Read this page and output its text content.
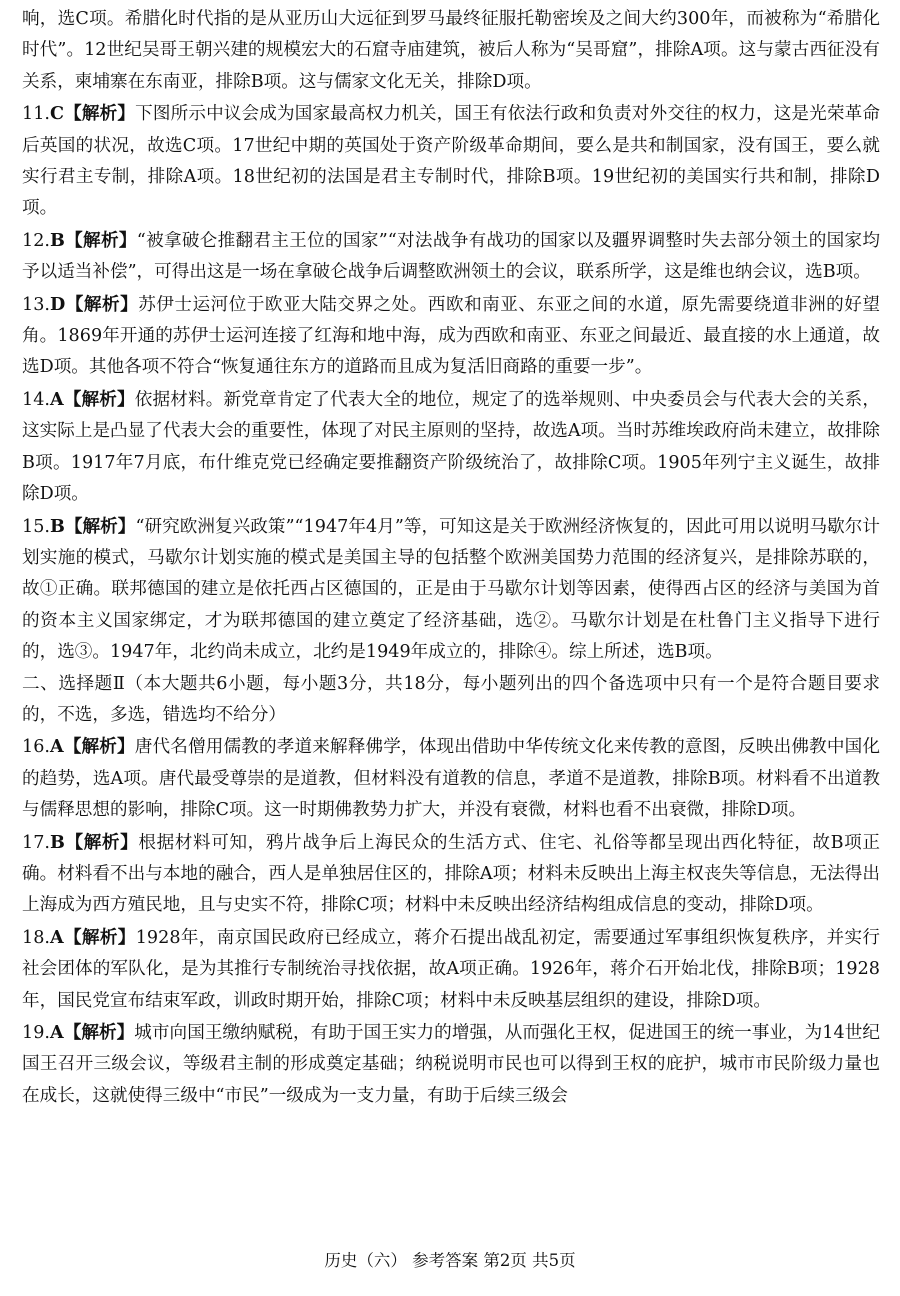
响，选C项。希腊化时代指的是从亚历山大远征到罗马最终征服托勒密埃及之间大约300年，而被称为“希腊化时代”。12世纪吴哥王朝兴建的规模宏大的石窟寺庙建筑，被后人称为“吴哥窟”，排除A项。这与蒙古西征没有关系，柬埔寨在东南亚，排除B项。这与儒家文化无关，排除D项。

11.C【解析】下图所示中议会成为国家最高权力机关，国王有依法行政和负责对外交往的权力，这是光荣革命后英国的状况，故选C项。17世纪中期的英国处于资产阶级革命期间，要么是共和制国家，没有国王，要么就实行君主专制，排除A项。18世纪初的法国是君主专制时代，排除B项。19世纪初的美国实行共和制，排除D项。

12.B【解析】“被拿破仑推翻君主王位的国家”“对法战争有战功的国家以及疆界调整时失去部分领土的国家均予以适当补偿”，可得出这是一场在拿破仑战争后调整欧洲领土的会议，联系所学，这是维也纳会议，选B项。

13.D【解析】苏伊士运河位于欧亚大陆交界之处。西欧和南亚、东亚之间的水道，原先需要绕道非洲的好望角。1869年开通的苏伊士运河连接了红海和地中海，成为西欧和南亚、东亚之间最近、最直接的水上通道，故选D项。其他各项不符合“恢复通往东方的道路而且成为复活旧商路的重要一步”。

14.A【解析】依据材料。新党章肯定了代表大全的地位，规定了的选举规则、中央委员会与代表大会的关系，这实际上是凸显了代表大会的重要性，体现了对民主原则的坚持，故选A项。当时苏维埃政府尚未建立，故排除B项。1917年7月底，布什维克党已经确定要推翻资产阶级统治了，故排除C项。1905年列宁主义诞生，故排除D项。

15.B【解析】“研究欧洲复兴政策”“1947年4月”等，可知这是关于欧洲经济恢复的，因此可用以说明马歇尔计划实施的模式，马歇尔计划实施的模式是美国主导的包括整个欧洲美国势力范围的经济复兴，是排除苏联的，故①正确。联邦德国的建立是依托西占区德国的，正是由于马歇尔计划等因素，使得西占区的经济与美国为首的资本主义国家绑定，才为联邦德国的建立奠定了经济基础，选②。马歇尔计划是在杜鲁门主义指导下进行的，选③。1947年，北约尚未成立，北约是1949年成立的，排除④。综上所述，选B项。

二、选择题Ⅱ（本大题共6小题，每小题3分，共18分，每小题列出的四个备选项中只有一个是符合题目要求的，不选，多选，错选均不给分）

16.A【解析】唐代名僧用儒教的孝道来解释佛学，体现出借助中华传统文化来传教的意图，反映出佛教中国化的趋势，选A项。唐代最受尊崇的是道教，但材料没有道教的信息，孝道不是道教，排除B项。材料看不出道教与儒释思想的影响，排除C项。这一时期佛教势力扩大，并没有衰微，材料也看不出衰微，排除D项。

17.B【解析】根据材料可知，鸦片战争后上海民众的生活方式、住宅、礼俗等都呈现出西化特征，故B项正确。材料看不出与本地的融合，西人是单独居住区的，排除A项；材料未反映出上海主权丧失等信息，无法得出上海成为西方殖民地，且与史实不符，排除C项；材料中未反映出经济结构组成信息的变动，排除D项。

18.A【解析】1928年，南京国民政府已经成立，蒋介石提出战乱初定，需要通过军事组织恢复秩序，并实行社会团体的军队化，是为其推行专制统治寻找依据，故A项正确。1926年，蒋介石开始北伐，排除B项；1928年，国民党宣布结束军政，训政时期开始，排除C项；材料中未反映基层组织的建设，排除D项。

19.A【解析】城市向国王缴纳赋税，有助于国王实力的增强，从而强化王权，促进国王的统一事业，为14世纪国王召开三级会议，等级君主制的形成奠定基础；纳税说明市民也可以得到王权的庇护，城市市民阶级力量也在成长，这就使得三级中“市民”一级成为一支力量，有助于后续三级会

历史（六） 参考答案 第2页 共5页
